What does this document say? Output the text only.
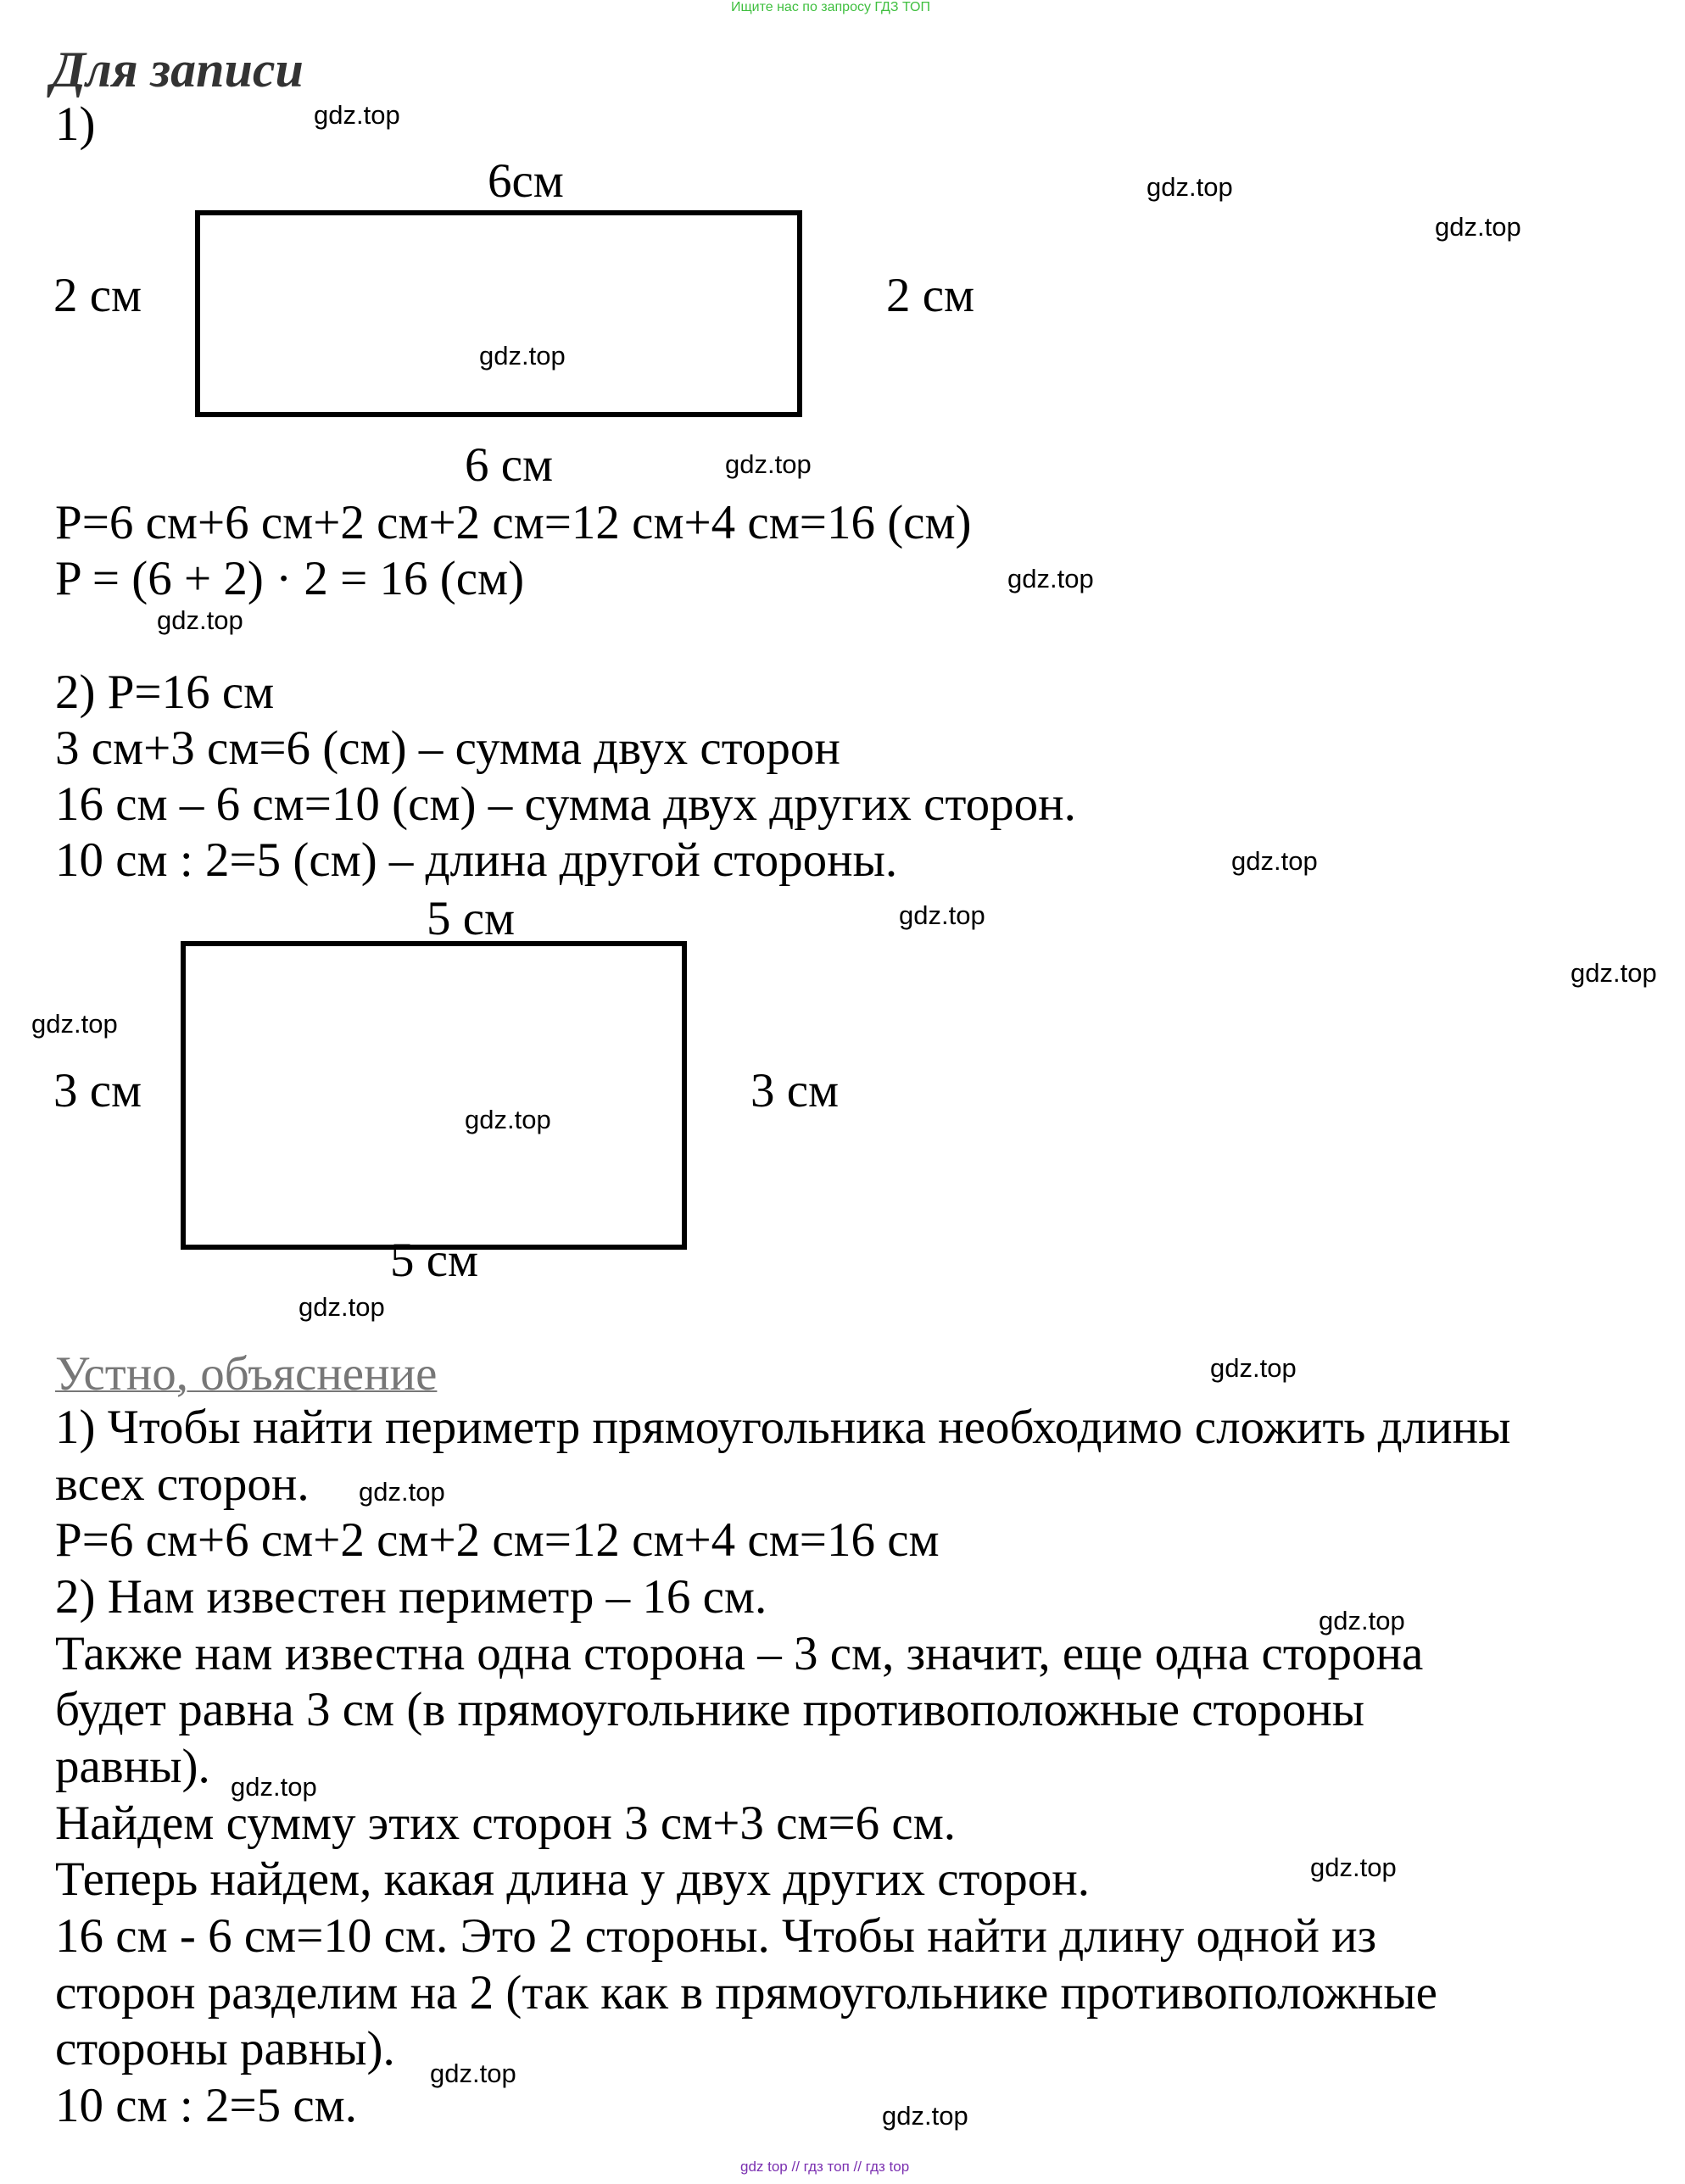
Ищите нас по запросу ГДЗ ТОП
Для записи
1)
6см
2 см	2 см
6 см
P=6 см+6 см+2 см+2 см=12 см+4 см=16 (см)
P = (6 + 2) · 2 = 16 (см)
2) P=16 см
3 см+3 см=6 (см) – сумма двух сторон
16 см – 6 см=10 (см) – сумма двух других сторон.
10 см : 2=5 (см) – длина другой стороны.
5 см
3 см	3 см
5 см
Устно, объяснение
1) Чтобы найти периметр прямоугольника необходимо сложить длины
всех сторон.
P=6 см+6 см+2 см+2 см=12 см+4 см=16 см
2) Нам известен периметр – 16 см.
Также нам известна одна сторона – 3 см, значит, еще одна сторона
будет равна 3 см (в прямоугольнике противоположные стороны
равны).
Найдем сумму этих сторон 3 см+3 см=6 см.
Теперь найдем, какая длина у двух других сторон.
16 см - 6 см=10 см. Это 2 стороны. Чтобы найти длину одной из
сторон разделим на 2 (так как в прямоугольнике противоположные
стороны равны).
10 см : 2=5 см.
gdz.top
gdz.top
gdz.top
gdz.top
gdz.top
gdz.top
gdz.top
gdz.top
gdz.top
gdz.top
gdz.top
gdz.top
gdz.top
gdz.top
gdz.top
gdz.top
gdz.top
gdz.top
gdz.top
gdz.top
gdz top // гдз топ // гдз top
